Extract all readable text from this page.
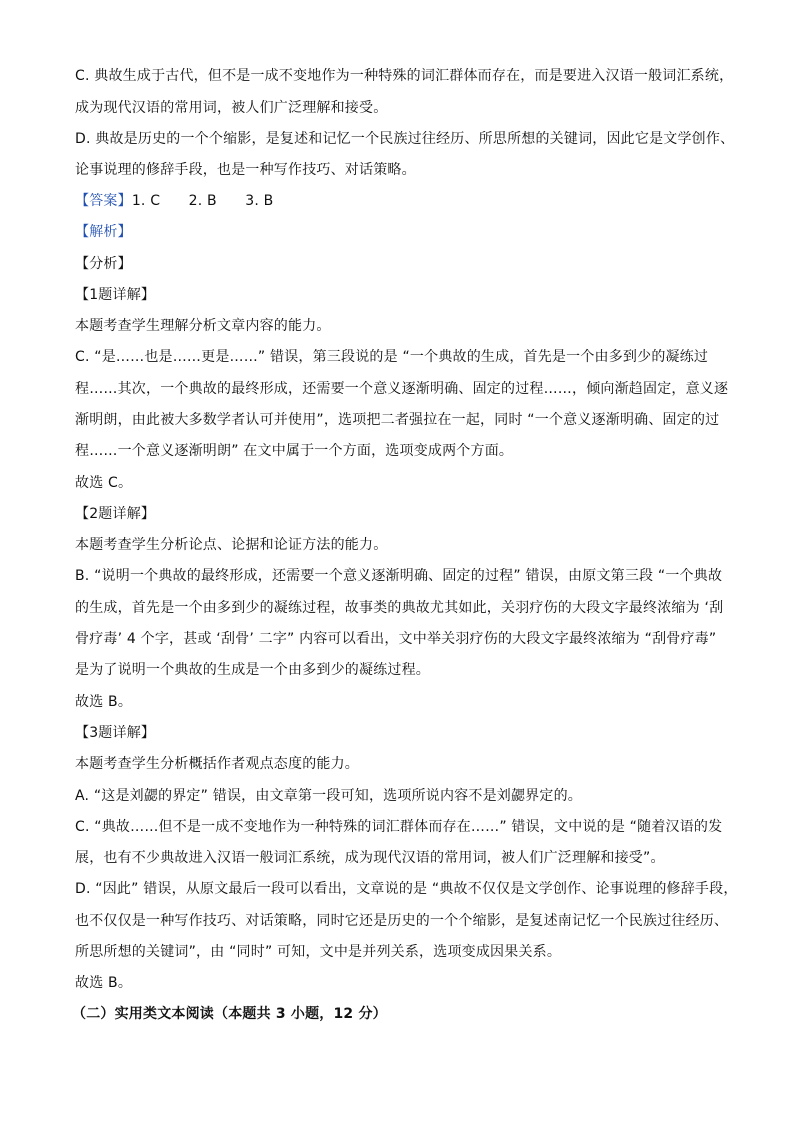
C. 典故生成于古代，但不是一成不变地作为一种特殊的词汇群体而存在，而是要进入汉语一般词汇系统，
成为现代汉语的常用词，被人们广泛理解和接受。
D. 典故是历史的一个个缩影，是复述和记忆一个民族过往经历、所思所想的关键词，因此它是文学创作、
论事说理的修辞手段，也是一种写作技巧、对话策略。
【答案】1. C　　2. B　　3. B
【解析】
【分析】
【1题详解】
本题考查学生理解分析文章内容的能力。
C. “是……也是……更是……” 错误，第三段说的是 “一个典故的生成，首先是一个由多到少的凝练过
程……其次，一个典故的最终形成，还需要一个意义逐渐明确、固定的过程……，倾向渐趋固定，意义逐
渐明朗，由此被大多数学者认可并使用”，选项把二者强拉在一起，同时 “一个意义逐渐明确、固定的过
程……一个意义逐渐明朗” 在文中属于一个方面，选项变成两个方面。
故选 C。
【2题详解】
本题考查学生分析论点、论据和论证方法的能力。
B. “说明一个典故的最终形成，还需要一个意义逐渐明确、固定的过程” 错误，由原文第三段 “一个典故
的生成，首先是一个由多到少的凝练过程，故事类的典故尤其如此，关羽疗伤的大段文字最终浓缩为 ‘刮
骨疗毒’ 4 个字，甚或 ‘刮骨’ 二字” 内容可以看出，文中举关羽疗伤的大段文字最终浓缩为 “刮骨疗毒”
是为了说明一个典故的生成是一个由多到少的凝练过程。
故选 B。
【3题详解】
本题考查学生分析概括作者观点态度的能力。
A. “这是刘勰的界定” 错误，由文章第一段可知，选项所说内容不是刘勰界定的。
C. “典故……但不是一成不变地作为一种特殊的词汇群体而存在……” 错误，文中说的是 “随着汉语的发
展，也有不少典故进入汉语一般词汇系统，成为现代汉语的常用词，被人们广泛理解和接受”。
D. “因此” 错误，从原文最后一段可以看出，文章说的是 “典故不仅仅是文学创作、论事说理的修辞手段，
也不仅仅是一种写作技巧、对话策略，同时它还是历史的一个个缩影，是复述南记忆一个民族过往经历、
所思所想的关键词”，由 “同时” 可知，文中是并列关系，选项变成因果关系。
故选 B。
（二）实用类文本阅读（本题共 3 小题，12 分）
